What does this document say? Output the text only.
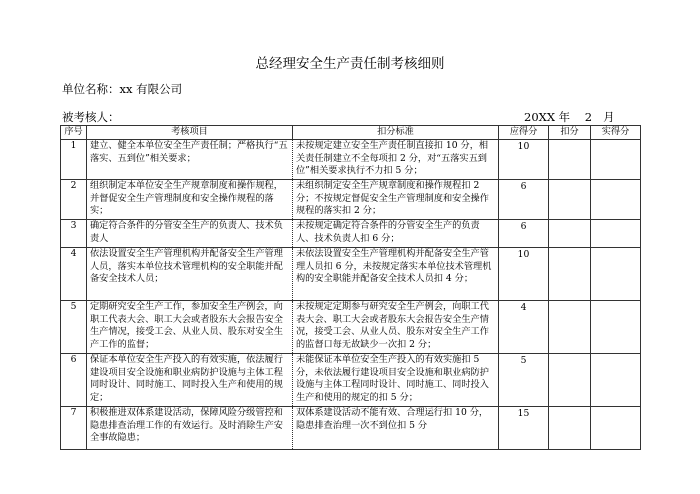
总经理安全生产责任制考核细则
单位名称：xx 有限公司
被考核人：	20XX 年    2   月
序号	考核项目	扣分标准	应得分	扣分	实得分
1	建立、健全本单位安全生产责任制；严格执行“五落实、五到位”相关要求；	未按规定建立安全生产责任制直接扣 10 分，相关责任制建立不全每项扣 2 分，对“五落实五到位”相关要求执行不力扣 5 分；	10		
2	组织制定本单位安全生产规章制度和操作规程，并督促安全生产管理制度和安全操作规程的落实；	未组织制定安全生产规章制度和操作规程扣 2 分；不按规定督促安全生产管理制度和安全操作规程的落实扣 2 分；	6		
3	确定符合条件的分管安全生产的负责人、技术负责人	未按规定确定符合条件的分管安全生产的负责人、技术负责人扣 6 分；	6		
4	依法设置安全生产管理机构并配备安全生产管理人员，落实本单位技术管理机构的安全职能并配备安全技术人员；	未依法设置安全生产管理机构并配备安全生产管理人员扣 6 分，未按规定落实本单位技术管理机构的安全职能并配备安全技术人员扣 4 分；	10		
5	定期研究安全生产工作，参加安全生产例会，向职工代表大会、职工大会或者股东大会报告安全生产情况，接受工会、从业人员、股东对安全生产工作的监督；	未按规定定期参与研究安全生产例会，向职工代表大会、职工大会或者股东大会报告安全生产情况，接受工会、从业人员、股东对安全生产工作的监督口每无故缺少一次扣 2 分；	4		
6	保证本单位安全生产投入的有效实施，依法履行建设项目安全设施和职业病防护设施与主体工程同时设计、同时施工、同时投入生产和使用的规定；	未能保证本单位安全生产投入的有效实施扣 5 分，未依法履行建设项目安全设施和职业病防护设施与主体工程同时设计、同时施工、同时投入生产和使用的规定的扣 5 分；	5		
7	积极推进双体系建设活动，保障风险分级管控和隐患排查治理工作的有效运行。及时消除生产安全事故隐患；	双体系建设活动不能有效、合理运行扣 10 分，隐患排查治理一次不到位扣 5 分	15		
